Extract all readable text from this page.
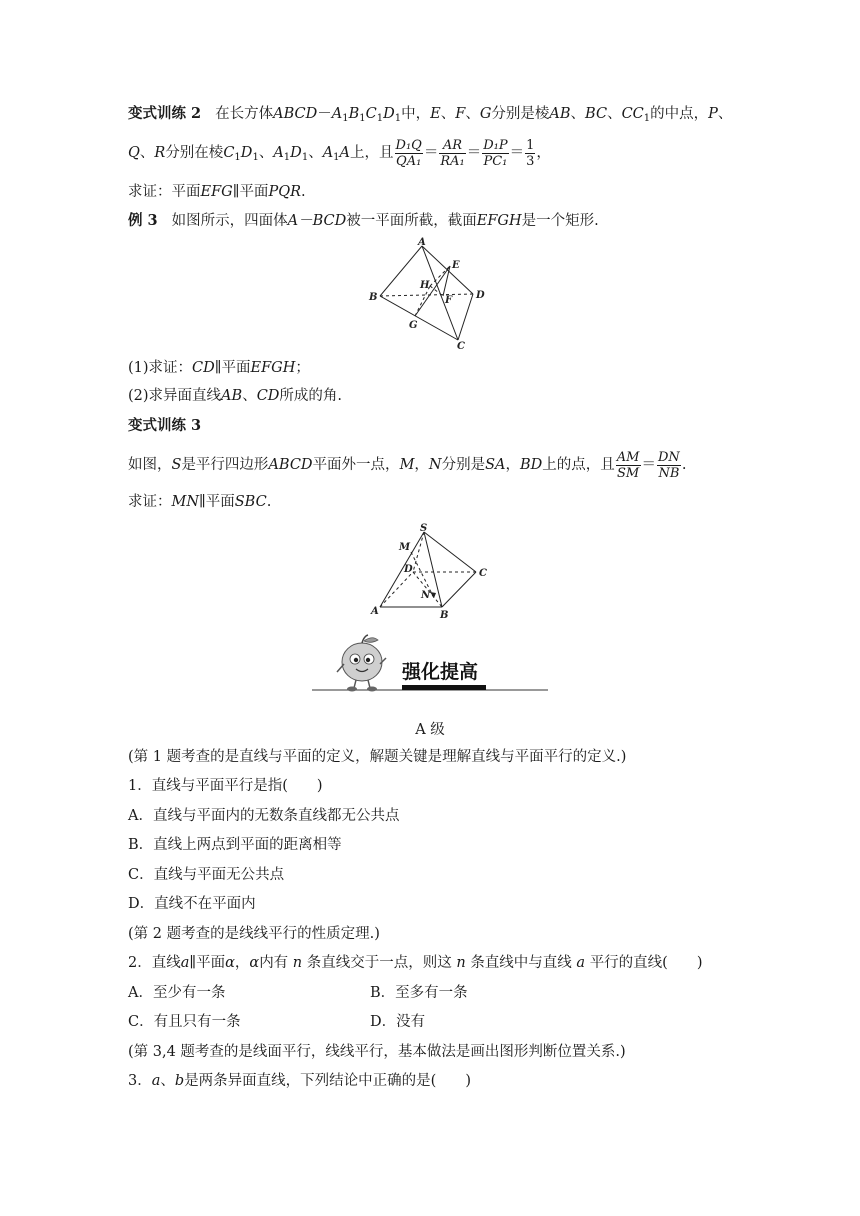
变式训练 2 在长方体$ABCD-A_1B_1C_1D_1$中，E、F、G分别是棱AB、BC、$CC_1$的中点，P、
Q、R分别在棱$C_1D_1$、$A_1D_1$、$A_1A$上，且 $\frac{\text{D₁Q}}{\text{QA₁}} = \frac{AR}{\text{RA₁}} = \frac{\text{D₁P}}{\text{PC₁}} = \frac{1}{3}$ ，
求证：平面EFG∥平面PQR.
例 3 如图所示，四面体A－BCD被一平面所截，截面EFGH是一个矩形.
A
B
C
D
E
F
G
H
(1)求证：CD∥平面EFGH；
(2)求异面直线AB、CD所成的角.
变式训练 3
如图，S是平行四边形ABCD平面外一点，M，N分别是SA，BD上的点，且 $\frac{AM}{SM} = \frac{DN}{NB}$ .
求证：MN∥平面SBC.
S
M
D	C
N
A	B
强化提高
A 级
(第 1 题考查的是直线与平面的定义，解题关键是理解直线与平面平行的定义.)
1．直线与平面平行是指(　　)
A．直线与平面内的无数条直线都无公共点
B．直线上两点到平面的距离相等
C．直线与平面无公共点
D．直线不在平面内
(第 2 题考查的是线线平行的性质定理.)
2．直线a∥平面α，α内有 n 条直线交于一点，则这 n 条直线中与直线 a 平行的直线(　　)
A．至少有一条	B．至多有一条
C．有且只有一条	D．没有
(第 3,4 题考查的是线面平行，线线平行，基本做法是画出图形判断位置关系.)
3．a、b是两条异面直线，下列结论中正确的是(　　)
